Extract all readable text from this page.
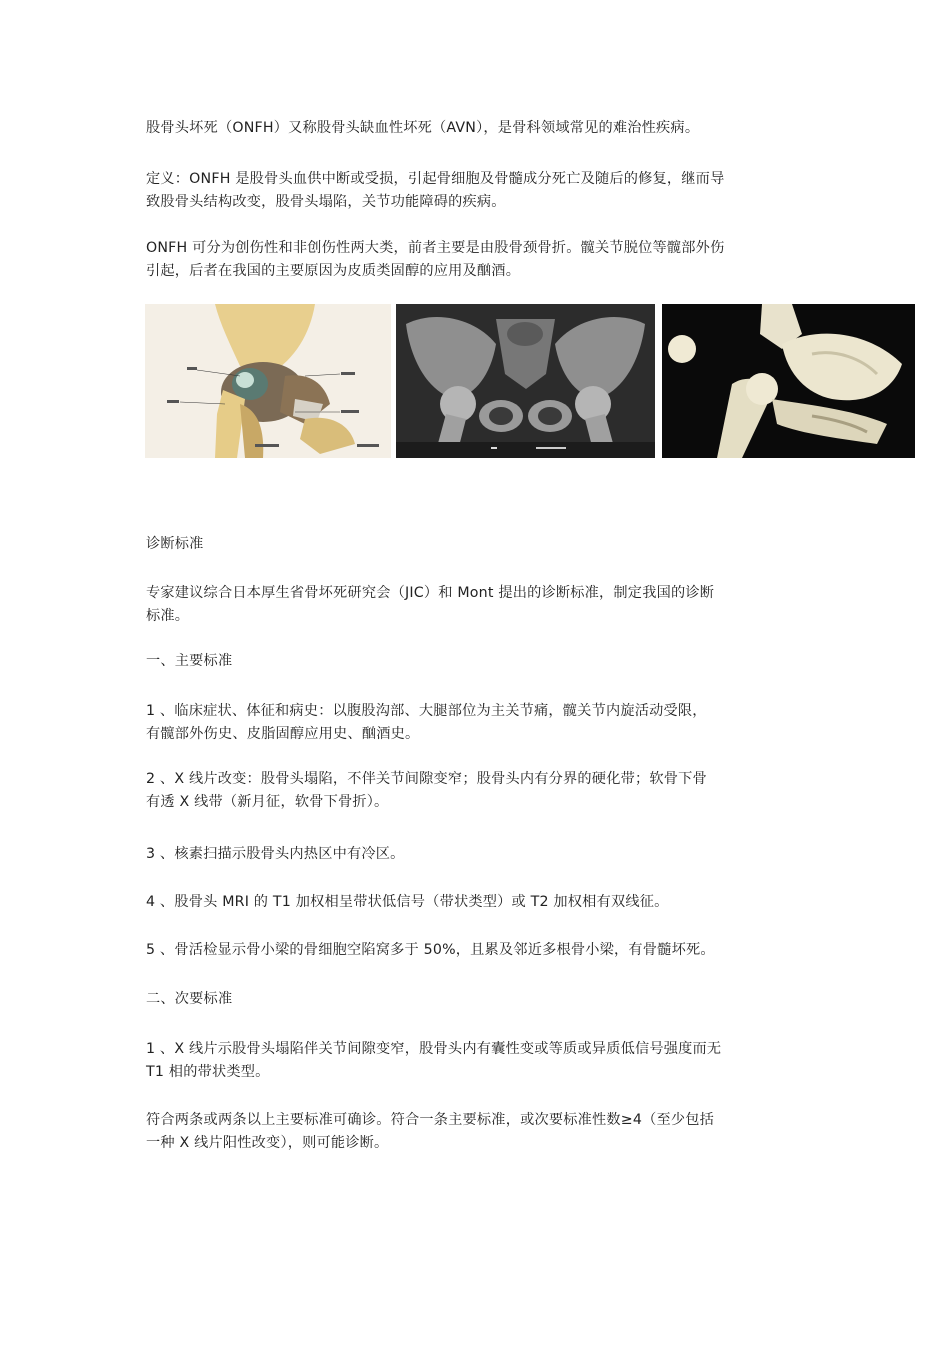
股骨头坏死（ONFH）又称股骨头缺血性坏死（AVN），是骨科领域常见的难治性疾病。

定义：ONFH 是股骨头血供中断或受损，引起骨细胞及骨髓成分死亡及随后的修复，继而导
致股骨头结构改变，股骨头塌陷，关节功能障碍的疾病。

ONFH 可分为创伤性和非创伤性两大类，前者主要是由股骨颈骨折。髋关节脱位等髋部外伤
引起，后者在我国的主要原因为皮质类固醇的应用及酗酒。

诊断标准

专家建议综合日本厚生省骨坏死研究会（JIC）和 Mont 提出的诊断标准，制定我国的诊断
标准。

一、主要标准

1 、临床症状、体征和病史：以腹股沟部、大腿部位为主关节痛，髋关节内旋活动受限，
有髋部外伤史、皮脂固醇应用史、酗酒史。

2 、X 线片改变：股骨头塌陷，不伴关节间隙变窄；股骨头内有分界的硬化带；软骨下骨
有透 X 线带（新月征，软骨下骨折）。

3 、核素扫描示股骨头内热区中有冷区。

4 、股骨头 MRI 的 T1 加权相呈带状低信号（带状类型）或 T2 加权相有双线征。

5 、骨活检显示骨小梁的骨细胞空陷窝多于 50%，且累及邻近多根骨小梁，有骨髓坏死。

二、次要标准

1 、X 线片示股骨头塌陷伴关节间隙变窄，股骨头内有囊性变或等质或异质低信号强度而无
T1 相的带状类型。

符合两条或两条以上主要标准可确诊。符合一条主要标准，或次要标准性数≥4（至少包括
一种 X 线片阳性改变），则可能诊断。
